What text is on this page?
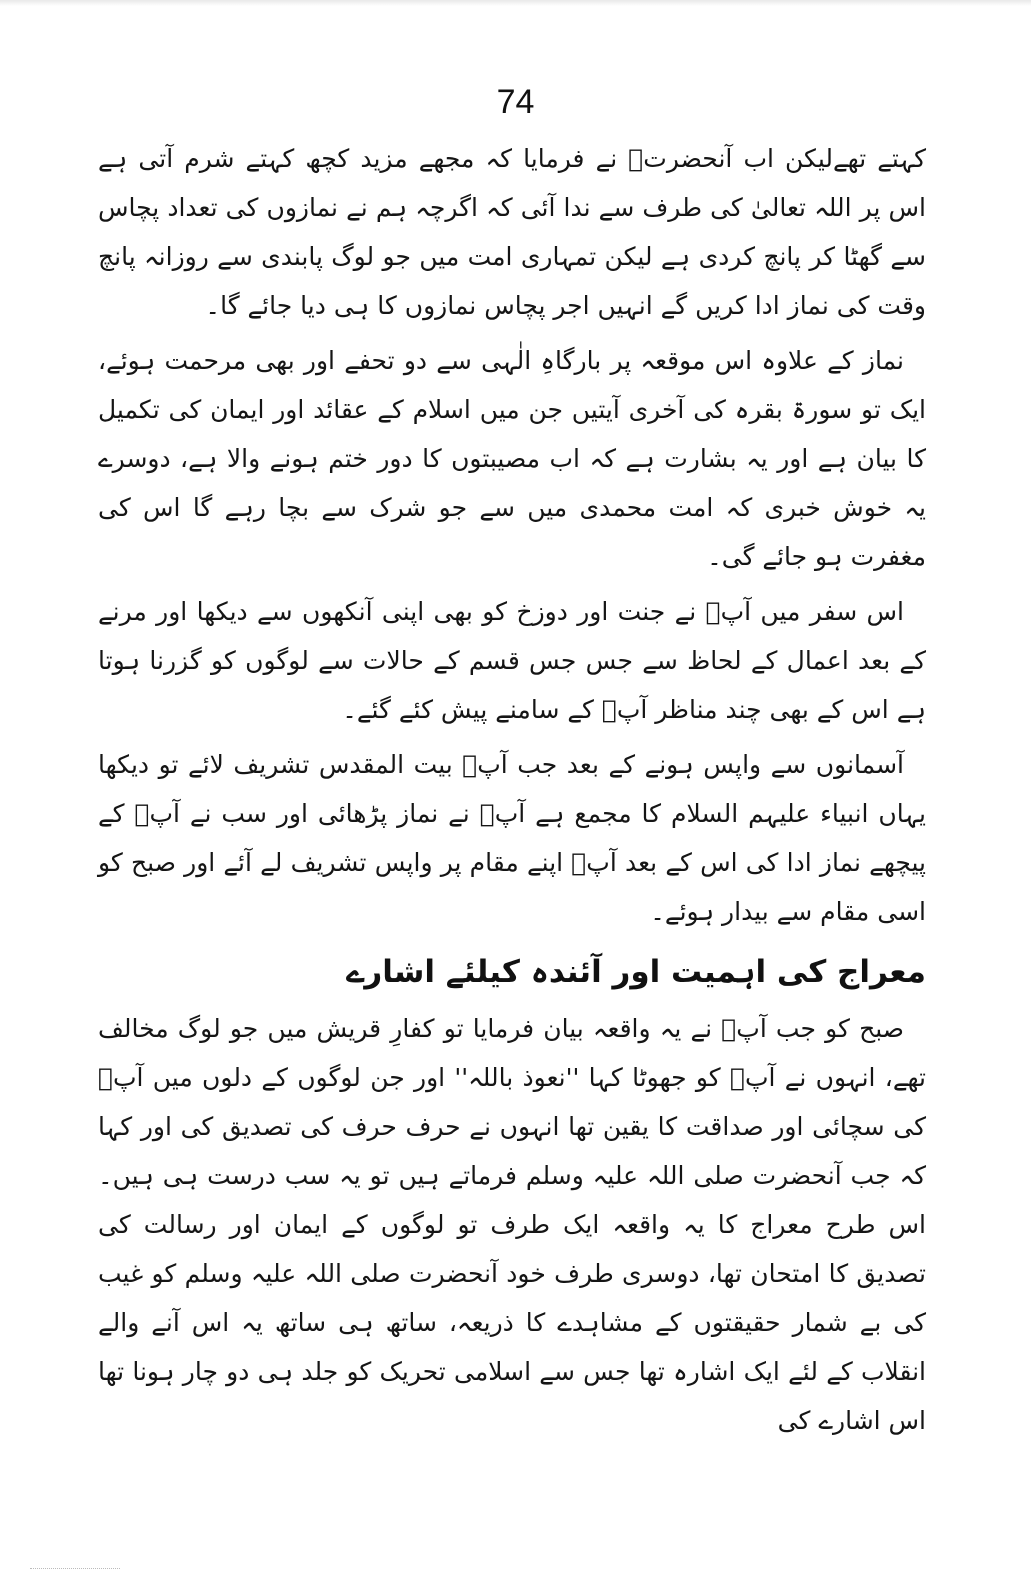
74

کہتے تھےلیکن اب آنحضرتؐ نے فرمایا کہ مجھے مزید کچھ کہتے شرم آتی ہے اس پر اللہ تعالیٰ کی طرف سے ندا آئی کہ اگرچہ ہم نے نمازوں کی تعداد پچاس سے گھٹا کر پانچ کردی ہے لیکن تمہاری امت میں جو لوگ پابندی سے روزانہ پانچ وقت کی نماز ادا کریں گے انہیں اجر پچاس نمازوں کا ہی دیا جائے گا۔

نماز کے علاوہ اس موقعہ پر بارگاہِ الٰہی سے دو تحفے اور بھی مرحمت ہوئے، ایک تو سورۃ بقرہ کی آخری آیتیں جن میں اسلام کے عقائد اور ایمان کی تکمیل کا بیان ہے اور یہ بشارت ہے کہ اب مصیبتوں کا دور ختم ہونے والا ہے، دوسرے یہ خوش خبری کہ امت محمدی میں سے جو شرک سے بچا رہے گا اس کی مغفرت ہو جائے گی۔

اس سفر میں آپؐ نے جنت اور دوزخ کو بھی اپنی آنکھوں سے دیکھا اور مرنے کے بعد اعمال کے لحاظ سے جس جس قسم کے حالات سے لوگوں کو گزرنا ہوتا ہے اس کے بھی چند مناظر آپؐ کے سامنے پیش کئے گئے۔

آسمانوں سے واپس ہونے کے بعد جب آپؐ بیت المقدس تشریف لائے تو دیکھا یہاں انبیاء علیہم السلام کا مجمع ہے آپؐ نے نماز پڑھائی اور سب نے آپؐ کے پیچھے نماز ادا کی اس کے بعد آپؐ اپنے مقام پر واپس تشریف لے آئے اور صبح کو اسی مقام سے بیدار ہوئے۔

معراج کی اہمیت اور آئندہ کیلئے اشارے

صبح کو جب آپؐ نے یہ واقعہ بیان فرمایا تو کفارِ قریش میں جو لوگ مخالف تھے، انہوں نے آپؐ کو جھوٹا کہا ''نعوذ باللہ'' اور جن لوگوں کے دلوں میں آپؐ کی سچائی اور صداقت کا یقین تھا انہوں نے حرف حرف کی تصدیق کی اور کہا کہ جب آنحضرت صلی اللہ علیہ وسلم فرماتے ہیں تو یہ سب درست ہی ہیں۔ اس طرح معراج کا یہ واقعہ ایک طرف تو لوگوں کے ایمان اور رسالت کی تصدیق کا امتحان تھا، دوسری طرف خود آنحضرت صلی اللہ علیہ وسلم کو غیب کی بے شمار حقیقتوں کے مشاہدے کا ذریعہ، ساتھ ہی ساتھ یہ اس آنے والے انقلاب کے لئے ایک اشارہ تھا جس سے اسلامی تحریک کو جلد ہی دو چار ہونا تھا اس اشارے کی
